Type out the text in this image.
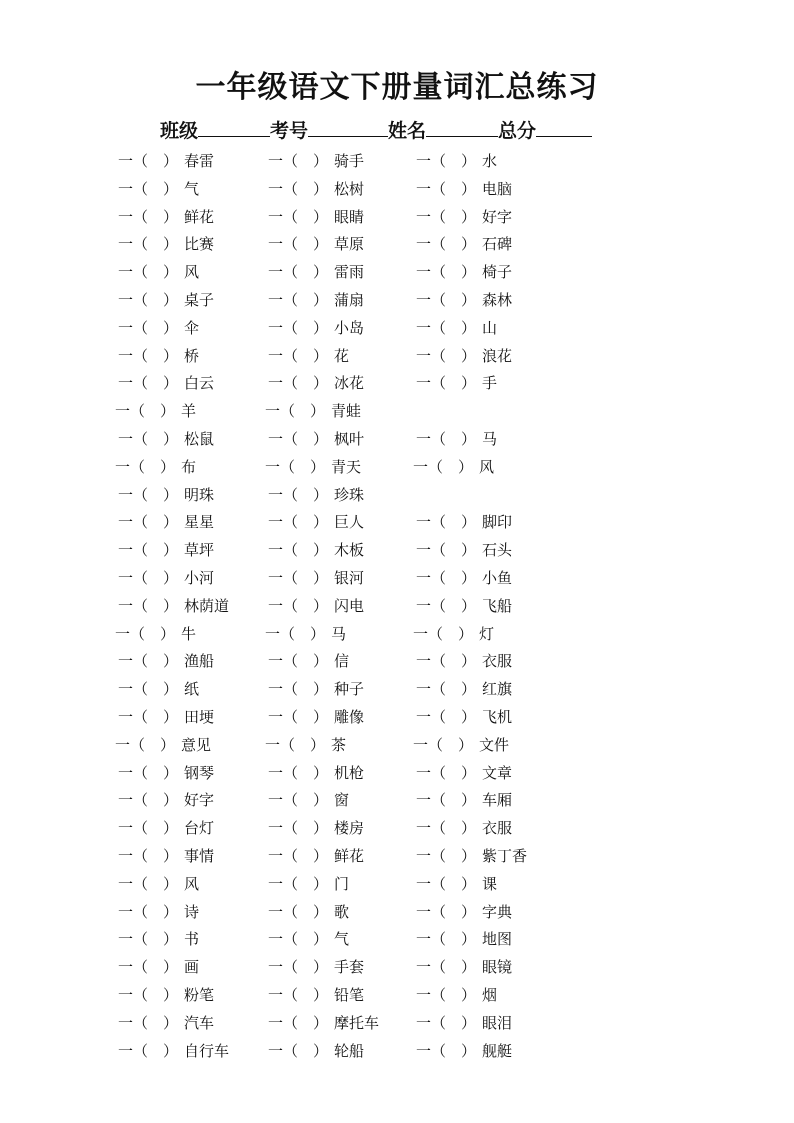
一年级语文下册量词汇总练习
班级	考号	姓名	总分
一（　） 春雷	一（　） 骑手	一（　） 水
一（　） 气	一（　） 松树	一（　） 电脑
一（　） 鲜花	一（　） 眼睛	一（　） 好字
一（　） 比赛	一（　） 草原	一（　） 石碑
一（　） 风	一（　） 雷雨	一（　） 椅子
一（　） 桌子	一（　） 蒲扇	一（　） 森林
一（　） 伞	一（　） 小岛	一（　） 山
一（　） 桥	一（　） 花	一（　） 浪花
一（　） 白云	一（　） 冰花	一（　） 手
一（　） 羊	一（　） 青蛙
一（　） 松鼠	一（　） 枫叶	一（　） 马
一（　） 布	一（　） 青天	一（　） 风
一（　） 明珠	一（　） 珍珠
一（　） 星星	一（　） 巨人	一（　） 脚印
一（　） 草坪	一（　） 木板	一（　） 石头
一（　） 小河	一（　） 银河	一（　） 小鱼
一（　） 林荫道	一（　） 闪电	一（　） 飞船
一（　） 牛	一（　） 马	一（　） 灯
一（　） 渔船	一（　） 信	一（　） 衣服
一（　） 纸	一（　） 种子	一（　） 红旗
一（　） 田埂	一（　） 雕像	一（　） 飞机
一（　） 意见	一（　） 茶	一（　） 文件
一（　） 钢琴	一（　） 机枪	一（　） 文章
一（　） 好字	一（　） 窗	一（　） 车厢
一（　） 台灯	一（　） 楼房	一（　） 衣服
一（　） 事情	一（　） 鲜花	一（　） 紫丁香
一（　） 风	一（　） 门	一（　） 课
一（　） 诗	一（　） 歌	一（　） 字典
一（　） 书	一（　） 气	一（　） 地图
一（　） 画	一（　） 手套	一（　） 眼镜
一（　） 粉笔	一（　） 铅笔	一（　） 烟
一（　） 汽车	一（　） 摩托车 一（　） 眼泪
一（　） 自行车	一（　） 轮船	一（　） 舰艇
